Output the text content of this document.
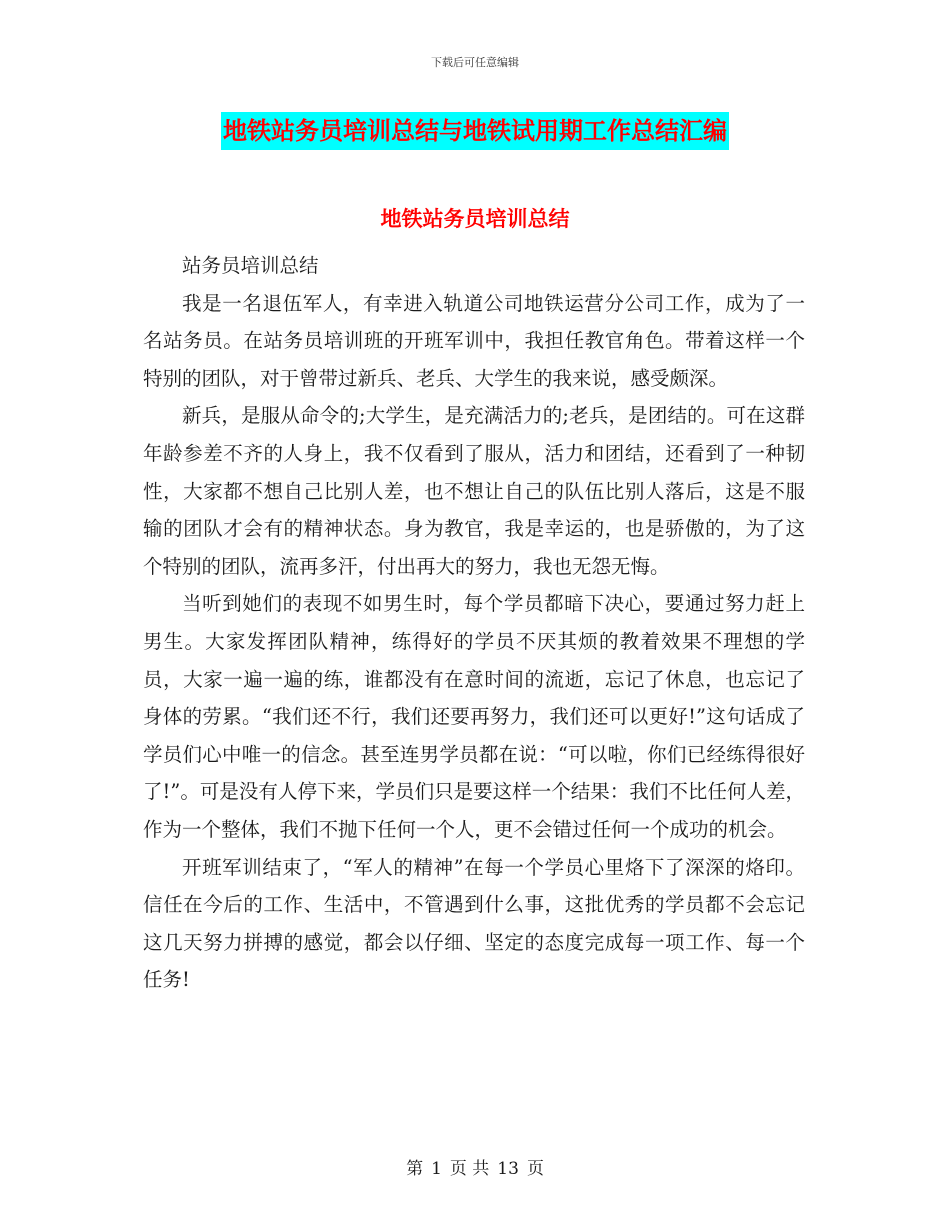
下载后可任意编辑
地铁站务员培训总结与地铁试用期工作总结汇编
地铁站务员培训总结

站务员培训总结

我是一名退伍军人，有幸进入轨道公司地铁运营分公司工作，成为了一名站务员。在站务员培训班的开班军训中，我担任教官角色。带着这样一个特别的团队，对于曾带过新兵、老兵、大学生的我来说，感受颇深。

新兵，是服从命令的;大学生，是充满活力的;老兵，是团结的。可在这群年龄参差不齐的人身上，我不仅看到了服从，活力和团结，还看到了一种韧性，大家都不想自己比别人差，也不想让自己的队伍比别人落后，这是不服输的团队才会有的精神状态。身为教官，我是幸运的，也是骄傲的，为了这个特别的团队，流再多汗，付出再大的努力，我也无怨无悔。

当听到她们的表现不如男生时，每个学员都暗下决心，要通过努力赶上男生。大家发挥团队精神，练得好的学员不厌其烦的教着效果不理想的学员，大家一遍一遍的练，谁都没有在意时间的流逝，忘记了休息，也忘记了身体的劳累。“我们还不行，我们还要再努力，我们还可以更好!”这句话成了学员们心中唯一的信念。甚至连男学员都在说：“可以啦，你们已经练得很好了!”。可是没有人停下来，学员们只是要这样一个结果：我们不比任何人差，作为一个整体，我们不抛下任何一个人，更不会错过任何一个成功的机会。

开班军训结束了，“军人的精神”在每一个学员心里烙下了深深的烙印。信任在今后的工作、生活中，不管遇到什么事，这批优秀的学员都不会忘记这几天努力拼搏的感觉，都会以仔细、坚定的态度完成每一项工作、每一个任务!

第 1 页 共 13 页
